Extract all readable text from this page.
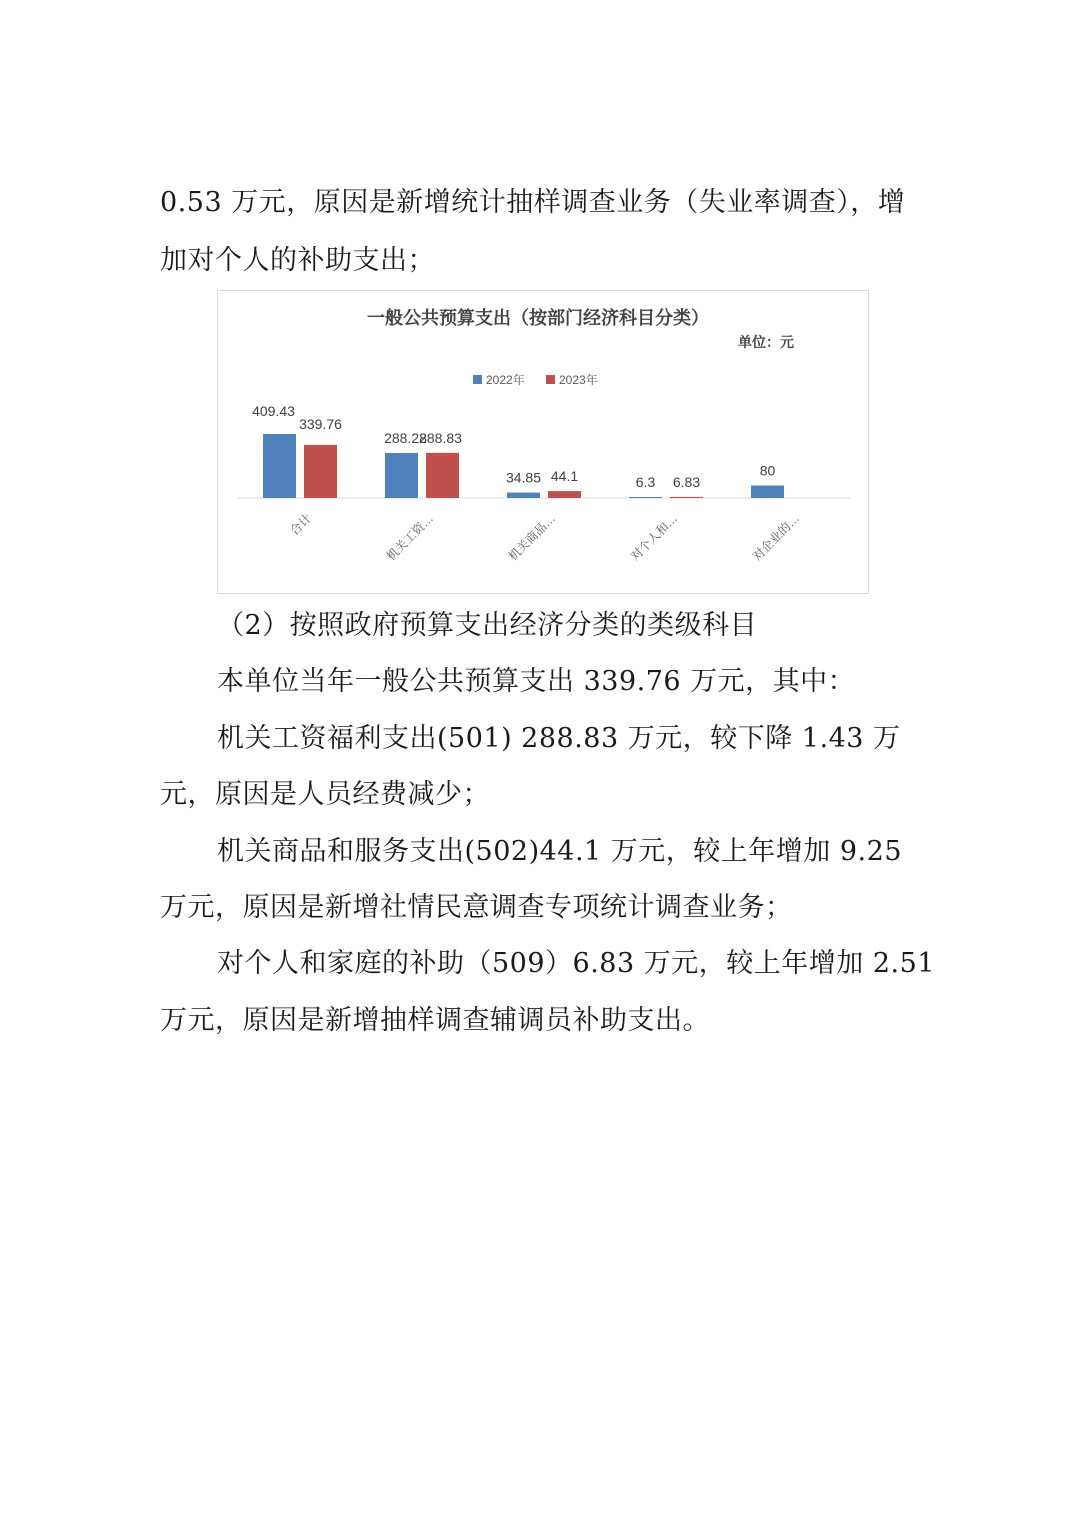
0.53 万元，原因是新增统计抽样调查业务（失业率调查），增
加对个人的补助支出；
一般公共预算支出（按部门经济科目分类）
单位：元
2022年	2023年
409.43
339.76
合计
288.28
288.83
机关工资…
34.85 44.1
机关商品…
6.3 6.83
对个人和…
80
对企业的…
（2）按照政府预算支出经济分类的类级科目
本单位当年一般公共预算支出 339.76 万元，其中：
机关工资福利支出(501) 288.83 万元，较下降 1.43 万
元，原因是人员经费减少；
机关商品和服务支出(502)44.1 万元，较上年增加 9.25
万元，原因是新增社情民意调查专项统计调查业务；
对个人和家庭的补助（509）6.83 万元，较上年增加 2.51
万元，原因是新增抽样调查辅调员补助支出。
